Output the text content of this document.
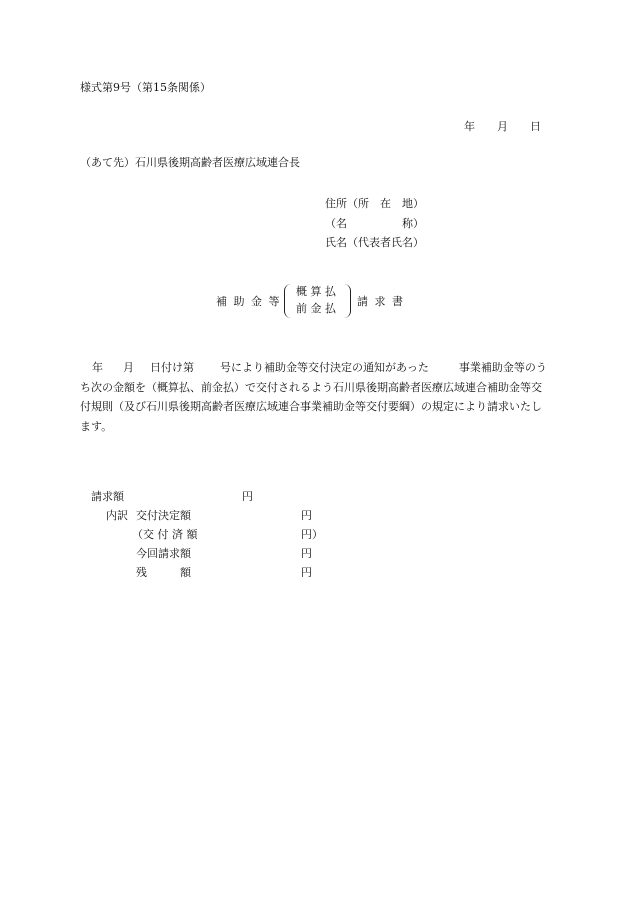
様式第9号（第15条関係）
年 月 日
（あて先）石川県後期高齢者医療広域連合長
住所（所　在　地）
（名　　　　　称）
氏名（代表者氏名）
補助金等
概算払
前金払
請求書
年 月 日付け第 号により補助金等交付決定の通知があった	事業補助金等のうち次の金額を（概算払、前金払）で交付されるよう石川県後期高齢者医療広域連合補助金等交付規則（及び石川県後期高齢者医療広域連合事業補助金等交付要綱）の規定により請求いたします。
請求額	円
内訳 交付決定額	円
（交 付 済 額	円）
今回請求額	円
残　　　額	円
